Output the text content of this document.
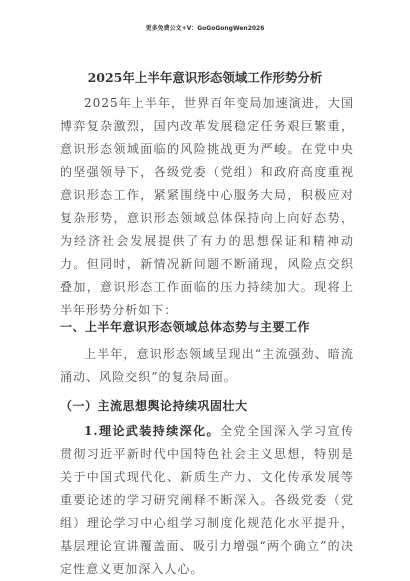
更多免费公文+V：GoGoGongWen2026
2025年上半年意识形态领域工作形势分析

2025年上半年，世界百年变局加速演进，大国博弈复杂激烈，国内改革发展稳定任务艰巨繁重，意识形态领域面临的风险挑战更为严峻。在党中央的坚强领导下，各级党委（党组）和政府高度重视意识形态工作，紧紧围绕中心服务大局，积极应对复杂形势，意识形态领域总体保持向上向好态势，为经济社会发展提供了有力的思想保证和精神动力。但同时，新情况新问题不断涌现，风险点交织叠加，意识形态工作面临的压力持续加大。现将上半年形势分析如下：

一、上半年意识形态领域总体态势与主要工作

上半年，意识形态领域呈现出“主流强劲、暗流涌动、风险交织”的复杂局面。

（一）主流思想舆论持续巩固壮大

1.理论武装持续深化。全党全国深入学习宣传贯彻习近平新时代中国特色社会主义思想，特别是关于中国式现代化、新质生产力、文化传承发展等重要论述的学习研究阐释不断深入。各级党委（党组）理论学习中心组学习制度化规范化水平提升，基层理论宣讲覆盖面、吸引力增强“两个确立”的决定性意义更加深入人心。
